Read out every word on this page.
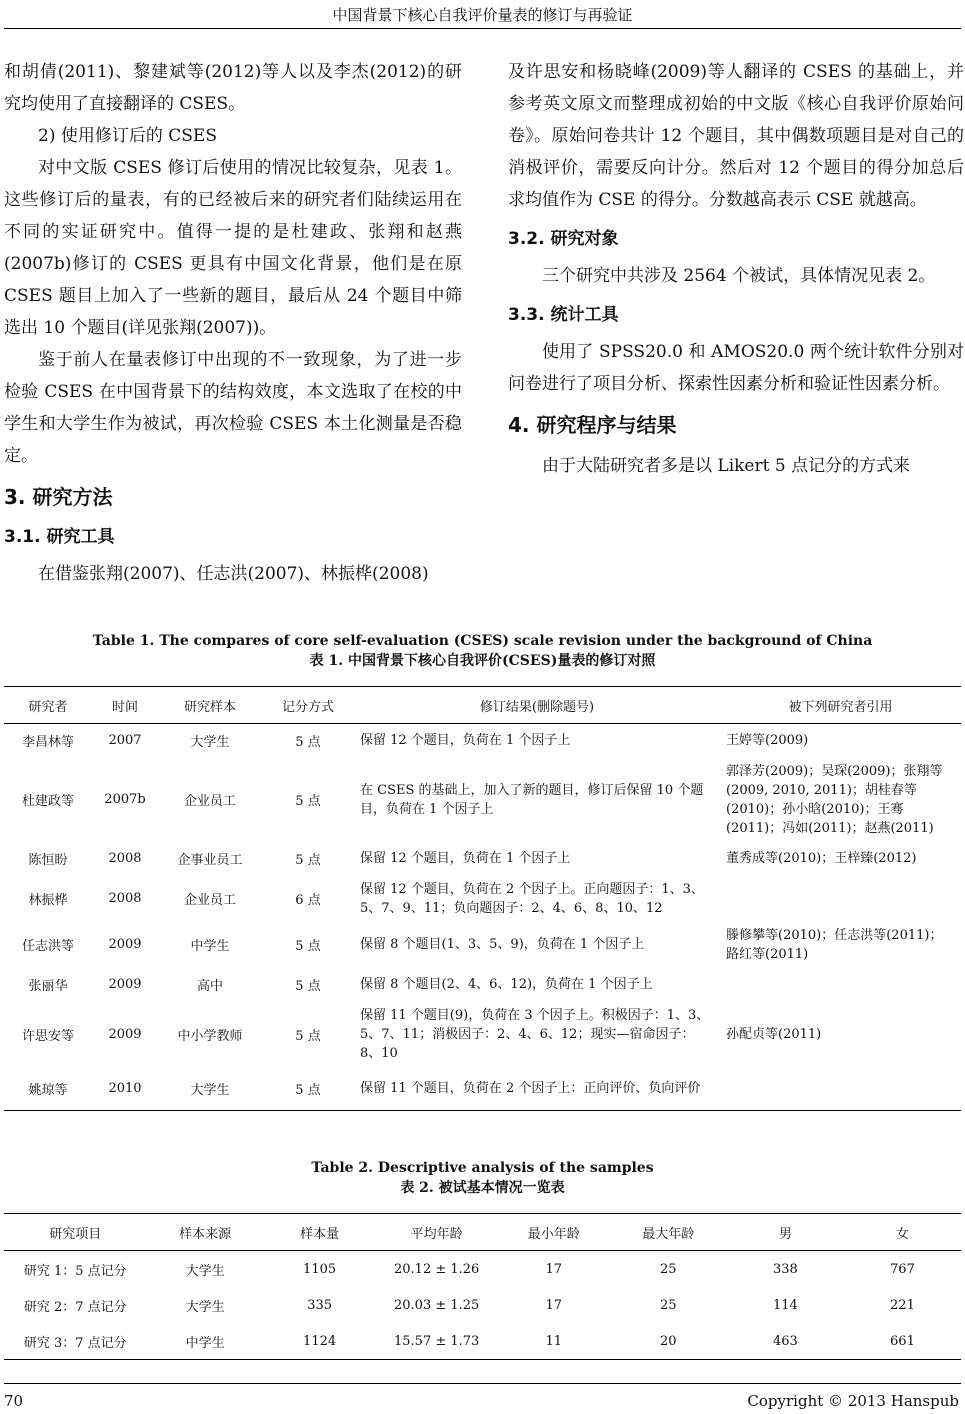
中国背景下核心自我评价量表的修订与再验证

和胡倩(2011)、黎建斌等(2012)等人以及李杰(2012)的研究均使用了直接翻译的 CSES。

2) 使用修订后的 CSES

对中文版 CSES 修订后使用的情况比较复杂，见表 1。这些修订后的量表，有的已经被后来的研究者们陆续运用在不同的实证研究中。值得一提的是杜建政、张翔和赵燕(2007b)修订的 CSES 更具有中国文化背景，他们是在原 CSES 题目上加入了一些新的题目，最后从 24 个题目中筛选出 10 个题目(详见张翔(2007))。

鉴于前人在量表修订中出现的不一致现象，为了进一步检验 CSES 在中国背景下的结构效度，本文选取了在校的中学生和大学生作为被试，再次检验 CSES 本土化测量是否稳定。

3. 研究方法
3.1. 研究工具

在借鉴张翔(2007)、任志洪(2007)、林振桦(2008)

及许思安和杨晓峰(2009)等人翻译的 CSES 的基础上，并参考英文原文而整理成初始的中文版《核心自我评价原始问卷》。原始问卷共计 12 个题目，其中偶数项题目是对自己的消极评价，需要反向计分。然后对 12 个题目的得分加总后求均值作为 CSE 的得分。分数越高表示 CSE 就越高。

3.2. 研究对象

三个研究中共涉及 2564 个被试，具体情况见表 2。

3.3. 统计工具

使用了 SPSS20.0 和 AMOS20.0 两个统计软件分别对问卷进行了项目分析、探索性因素分析和验证性因素分析。

4. 研究程序与结果

由于大陆研究者多是以 Likert 5 点记分的方式来

Table 1. The compares of core self-evaluation (CSES) scale revision under the background of China
表 1. 中国背景下核心自我评价(CSES)量表的修订对照
研究者	时间	研究样本	记分方式	修订结果(删除题号)	被下列研究者引用
李昌林等	2007	大学生	5 点	保留 12 个题目，负荷在 1 个因子上	王婷等(2009)
杜建政等	2007b	企业员工	5 点	在 CSES 的基础上，加入了新的题目，修订后保留 10 个题目，负荷在 1 个因子上	郭泽芳(2009)；吴琛(2009)；张翔等(2009, 2010, 2011)；胡桂春等(2010)；孙小晗(2010)；王骞(2011)；冯如(2011)；赵燕(2011)
陈恒盼	2008	企事业员工	5 点	保留 12 个题目，负荷在 1 个因子上	董秀成等(2010)；王梓臻(2012)
林振桦	2008	企业员工	6 点	保留 12 个题目，负荷在 2 个因子上。正向题因子：1、3、5、7、9、11；负向题因子：2、4、6、8、10、12	
任志洪等	2009	中学生	5 点	保留 8 个题目(1、3、5、9)，负荷在 1 个因子上	滕修攀等(2010)；任志洪等(2011)；路红等(2011)
张丽华	2009	高中	5 点	保留 8 个题目(2、4、6、12)，负荷在 1 个因子上	
许思安等	2009	中小学教师	5 点	保留 11 个题目(9)，负荷在 3 个因子上。积极因子：1、3、5、7、11；消极因子：2、4、6、12；现实—宿命因子：8、10	孙配贞等(2011)
姚琼等	2010	大学生	5 点	保留 11 个题目，负荷在 2 个因子上：正向评价、负向评价	
Table 2. Descriptive analysis of the samples
表 2. 被试基本情况一览表
研究项目	样本来源	样本量	平均年龄	最小年龄	最大年龄	男	女
研究 1：5 点记分	大学生	1105	20.12 ± 1.26	17	25	338	767
研究 2：7 点记分	大学生	335	20.03 ± 1.25	17	25	114	221
研究 3：7 点记分	中学生	1124	15.57 ± 1.73	11	20	463	661
70	Copyright © 2013 Hanspub
